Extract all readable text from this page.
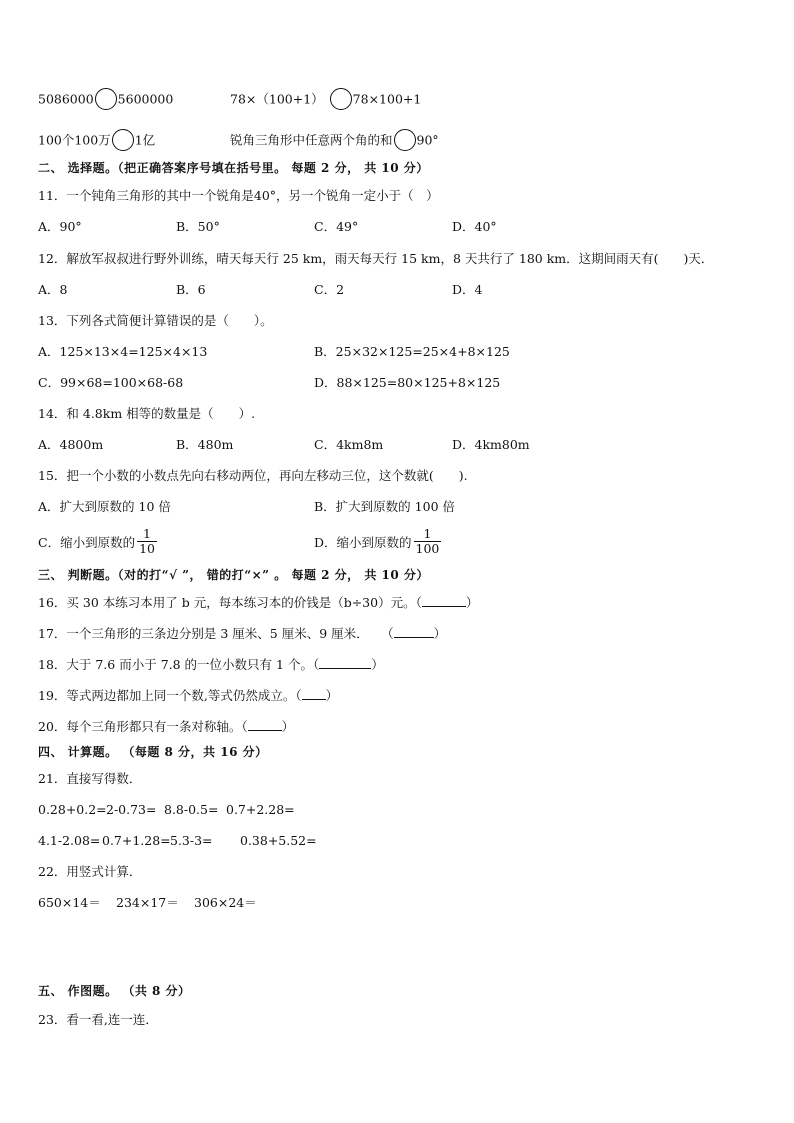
5086000 5600000	78×（100+1） 78×100+1
100个100万 1亿	锐角三角形中任意两个角的和 90°
二、 选择题。（把正确答案序号填在括号里。 每题 2 分， 共 10 分）
11．一个钝角三角形的其中一个锐角是40°，另一个锐角一定小于（　）
A．90°	B．50°	C．49°	D．40°
12．解放军叔叔进行野外训练，晴天每天行 25 km，雨天每天行 15 km，8 天共行了 180 km．这期间雨天有(　　)天．
A．8	B．6	C．2	D．4
13．下列各式简便计算错误的是（　　）。
A．125×13×4=125×4×13	B．25×32×125=25×4+8×125
C．99×68=100×68-68	D．88×125=80×125+8×125
14．和 4.8km 相等的数量是（　　）.
A．4800m	B．480m	C．4km8m	D．4km80m
15．把一个小数的小数点先向右移动两位，再向左移动三位，这个数就(　　).
A．扩大到原数的 10 倍	B．扩大到原数的 100 倍
C．缩小到原数的 $\frac{1}{10}$	D．缩小到原数的 $\frac{1}{100}$
三、 判断题。（对的打“√ ”， 错的打“×” 。 每题 2 分， 共 10 分）
16．买 30 本练习本用了 b 元，每本练习本的价钱是（b÷30）元。（	）
17．一个三角形的三条边分别是 3 厘米、5 厘米、9 厘米．　　（	）
18．大于 7.6 而小于 7.8 的一位小数只有 1 个。（	）
19．等式两边都加上同一个数,等式仍然成立。（ ）
20．每个三角形都只有一条对称轴。（	）
四、 计算题。 （每题 8 分，共 16 分）
21．直接写得数．
0.28+0.2= 2-0.73= 8.8-0.5= 0.7+2.28=
4.1-2.08= 0.7+1.28= 5.3-3= 0.38+5.52=
22．用竖式计算．
650×14＝ 234×17＝ 306×24＝
五、 作图题。 （共 8 分）
23．看一看,连一连．
